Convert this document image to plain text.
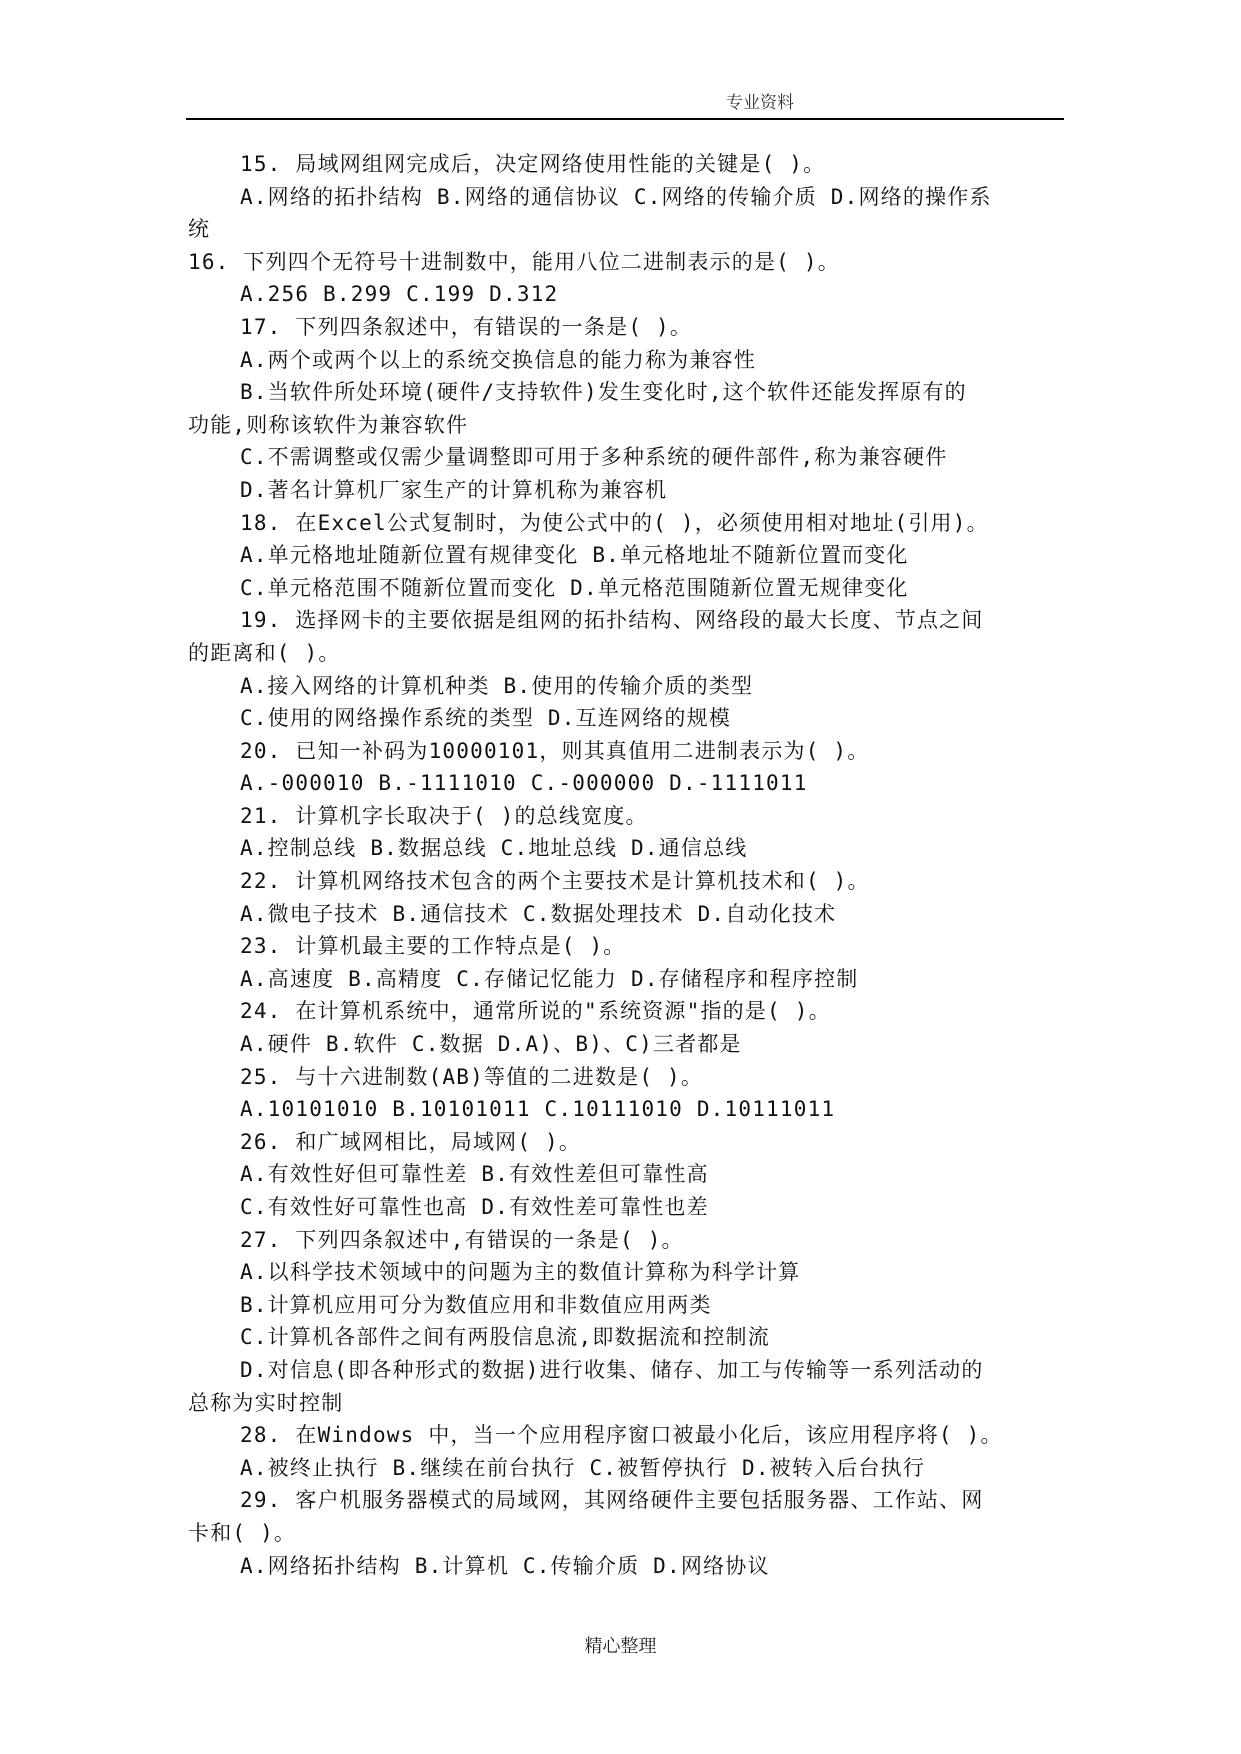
专业资料
15. 局域网组网完成后，决定网络使用性能的关键是( )。
A.网络的拓扑结构 B.网络的通信协议 C.网络的传输介质 D.网络的操作系
统
16. 下列四个无符号十进制数中，能用八位二进制表示的是( )。
A.256 B.299 C.199 D.312
17. 下列四条叙述中，有错误的一条是( )。
A.两个或两个以上的系统交换信息的能力称为兼容性
B.当软件所处环境(硬件/支持软件)发生变化时,这个软件还能发挥原有的
功能,则称该软件为兼容软件
C.不需调整或仅需少量调整即可用于多种系统的硬件部件,称为兼容硬件
D.著名计算机厂家生产的计算机称为兼容机
18. 在Excel公式复制时，为使公式中的( )，必须使用相对地址(引用)。
A.单元格地址随新位置有规律变化 B.单元格地址不随新位置而变化
C.单元格范围不随新位置而变化 D.单元格范围随新位置无规律变化
19. 选择网卡的主要依据是组网的拓扑结构、网络段的最大长度、节点之间
的距离和( )。
A.接入网络的计算机种类 B.使用的传输介质的类型
C.使用的网络操作系统的类型 D.互连网络的规模
20. 已知一补码为10000101，则其真值用二进制表示为( )。
A.-000010 B.-1111010 C.-000000 D.-1111011
21. 计算机字长取决于( )的总线宽度。
A.控制总线 B.数据总线 C.地址总线 D.通信总线
22. 计算机网络技术包含的两个主要技术是计算机技术和( )。
A.微电子技术 B.通信技术 C.数据处理技术 D.自动化技术
23. 计算机最主要的工作特点是( )。
A.高速度 B.高精度 C.存储记忆能力 D.存储程序和程序控制
24. 在计算机系统中，通常所说的"系统资源"指的是( )。
A.硬件 B.软件 C.数据 D.A)、B)、C)三者都是
25. 与十六进制数(AB)等值的二进数是( )。
A.10101010 B.10101011 C.10111010 D.10111011
26. 和广域网相比，局域网( )。
A.有效性好但可靠性差 B.有效性差但可靠性高
C.有效性好可靠性也高 D.有效性差可靠性也差
27. 下列四条叙述中,有错误的一条是( )。
A.以科学技术领域中的问题为主的数值计算称为科学计算
B.计算机应用可分为数值应用和非数值应用两类
C.计算机各部件之间有两股信息流,即数据流和控制流
D.对信息(即各种形式的数据)进行收集、储存、加工与传输等一系列活动的
总称为实时控制
28. 在Windows 中，当一个应用程序窗口被最小化后，该应用程序将( )。
A.被终止执行 B.继续在前台执行 C.被暂停执行 D.被转入后台执行
29. 客户机服务器模式的局域网，其网络硬件主要包括服务器、工作站、网
卡和( )。
A.网络拓扑结构 B.计算机 C.传输介质 D.网络协议
精心整理
